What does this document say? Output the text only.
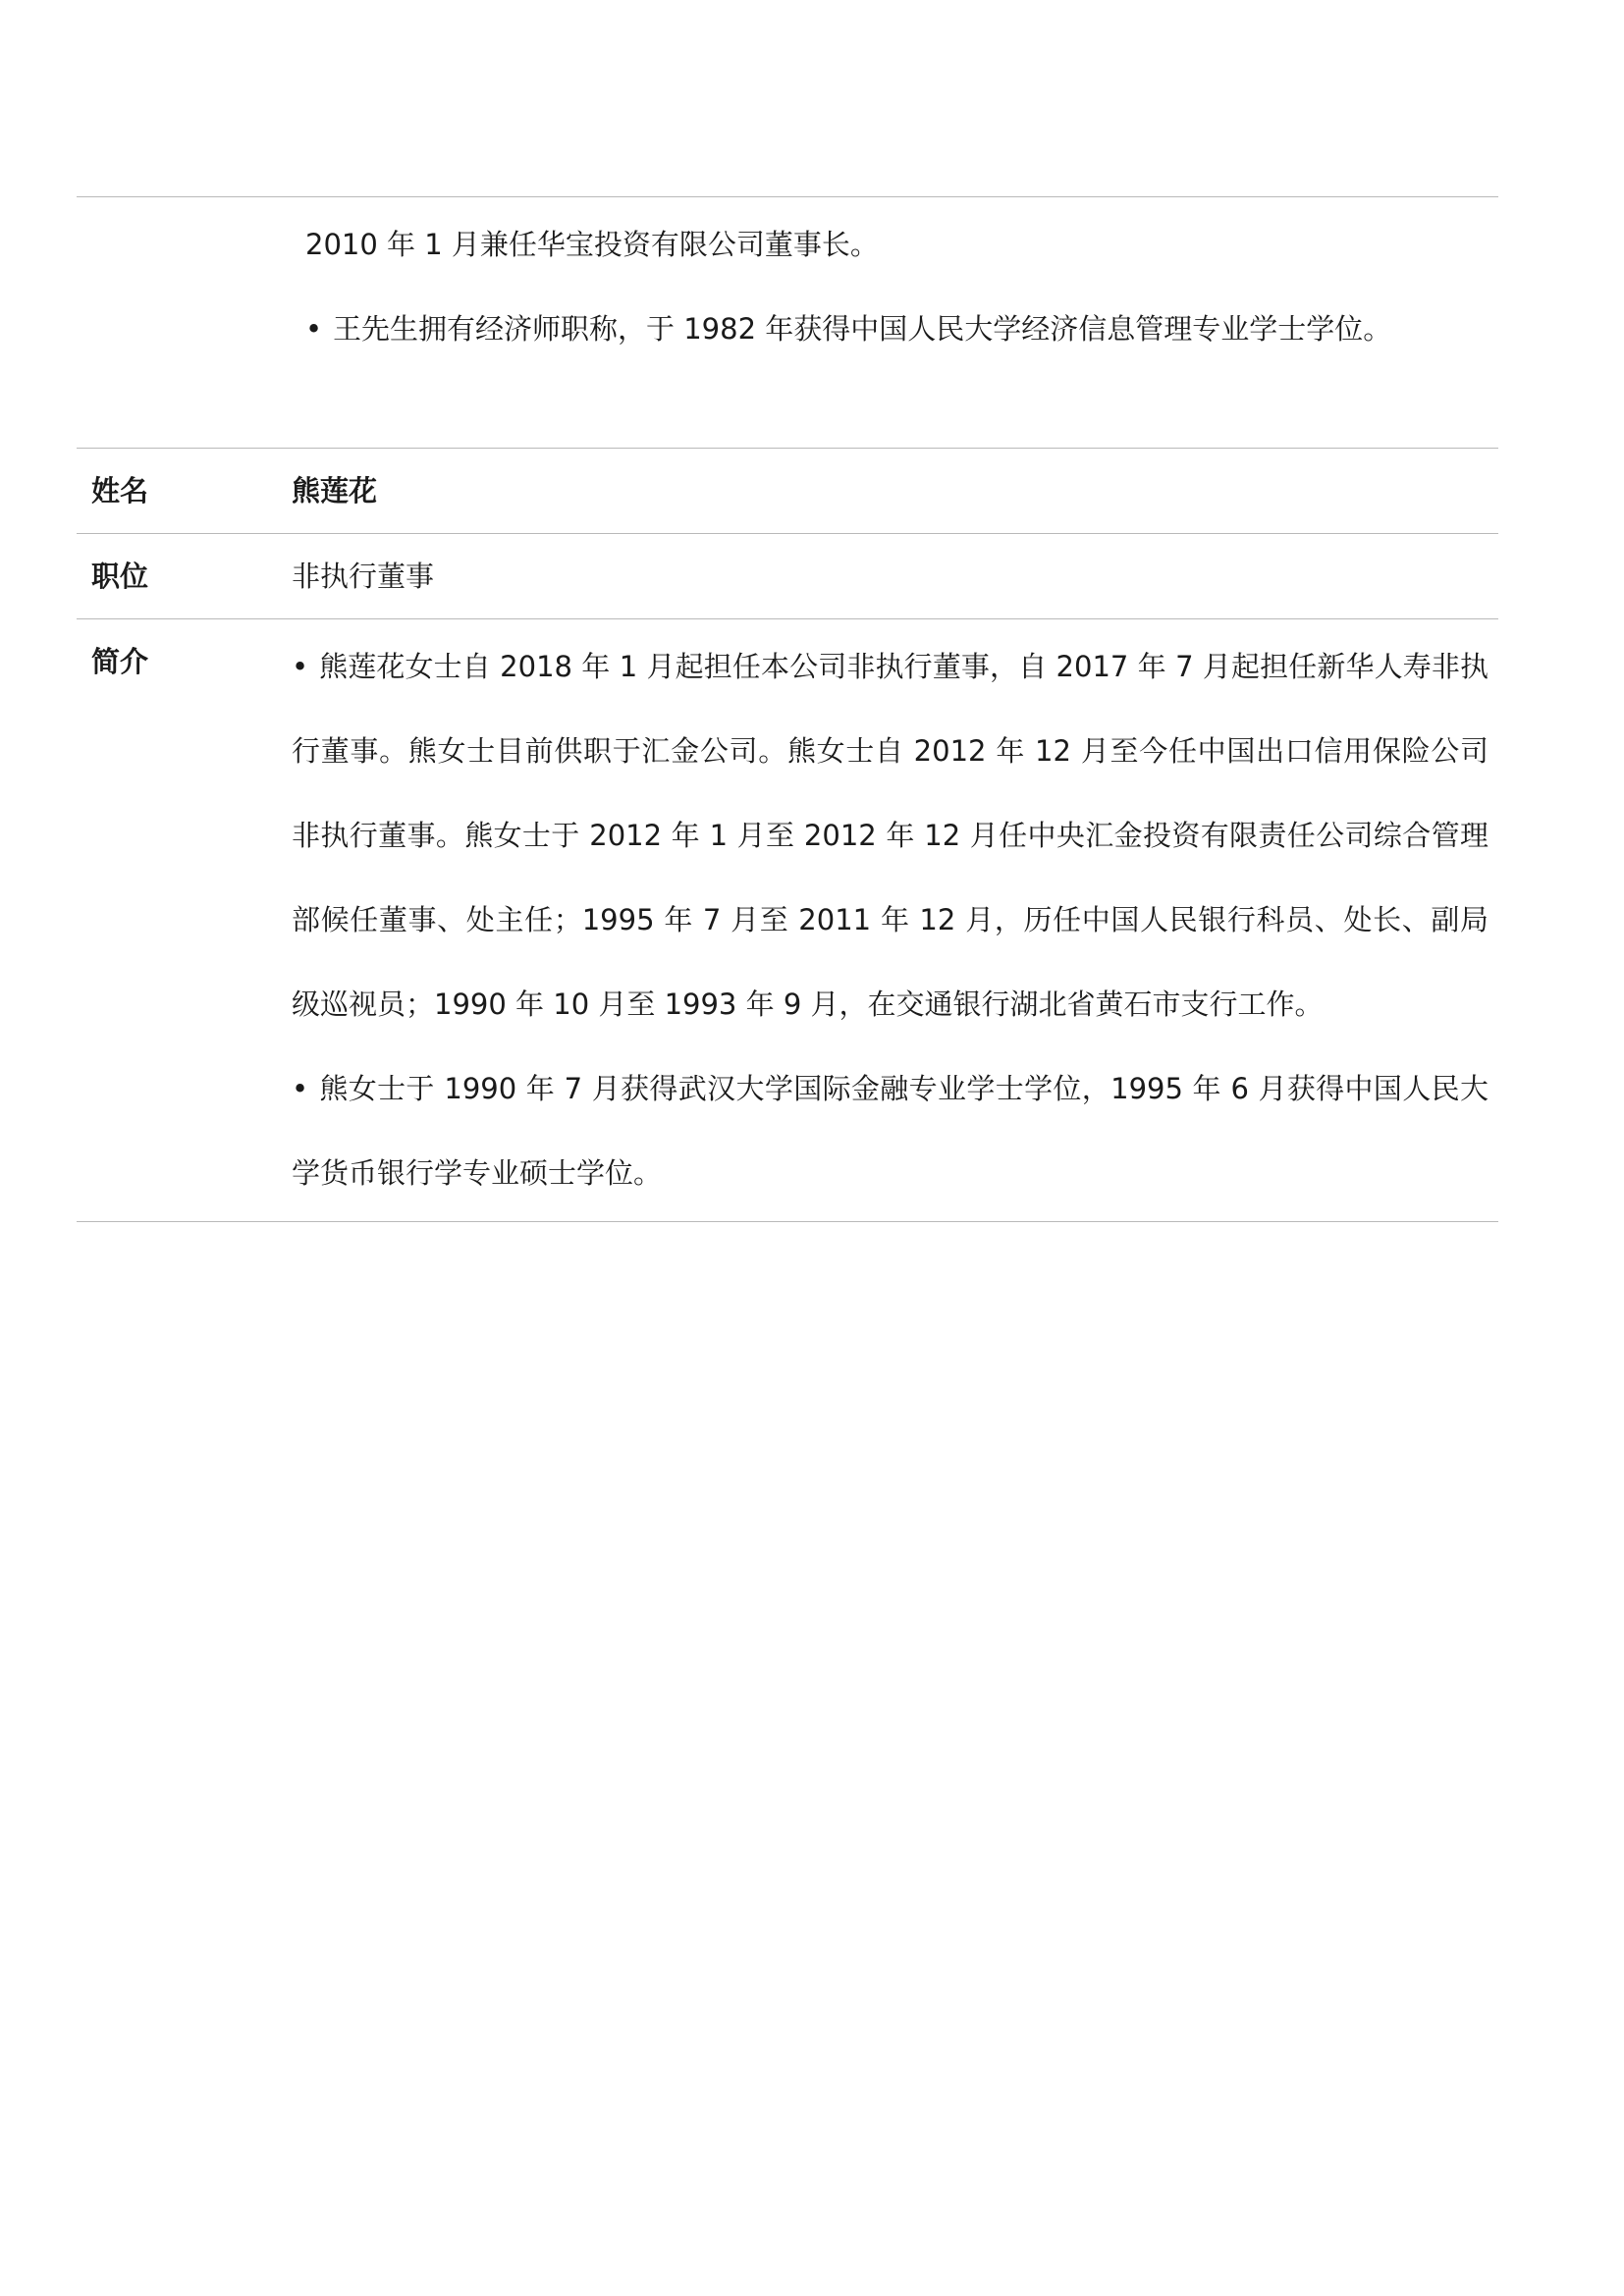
2010 年 1 月兼任华宝投资有限公司董事长。

• 王先生拥有经济师职称，于 1982 年获得中国人民大学经济信息管理专业学士学位。

姓名	熊莲花
职位	非执行董事
简介	• 熊莲花女士自 2018 年 1 月起担任本公司非执行董事，自 2017 年 7 月起担任新华人寿非执行董事。熊女士目前供职于汇金公司。熊女士自 2012 年 12 月至今任中国出口信用保险公司非执行董事。熊女士于 2012 年 1 月至 2012 年 12 月任中央汇金投资有限责任公司综合管理部候任董事、处主任；1995 年 7 月至 2011 年 12 月，历任中国人民银行科员、处长、副局级巡视员；1990 年 10 月至 1993 年 9 月，在交通银行湖北省黄石市支行工作。

• 熊女士于 1990 年 7 月获得武汉大学国际金融专业学士学位，1995 年 6 月获得中国人民大学货币银行学专业硕士学位。
